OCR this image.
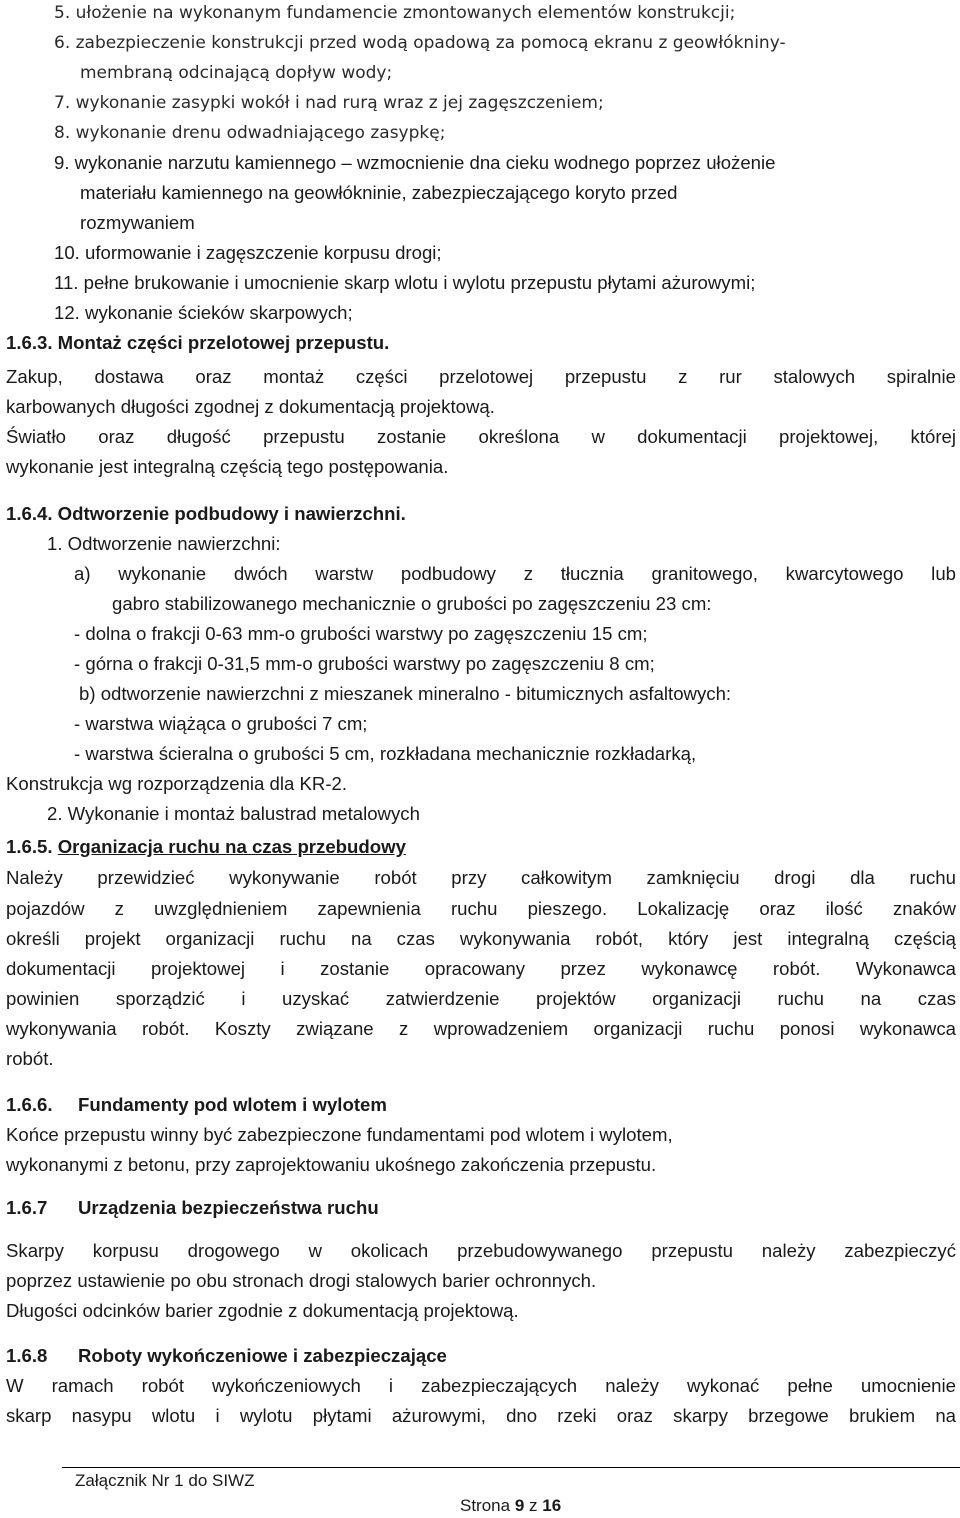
5. ułożenie na wykonanym fundamencie zmontowanych elementów konstrukcji;
6. zabezpieczenie konstrukcji przed wodą opadową za pomocą ekranu z geowłókniny-
membraną odcinającą dopływ wody;
7. wykonanie zasypki wokół i nad rurą wraz z jej zagęszczeniem;
8. wykonanie drenu odwadniającego zasypkę;
9. wykonanie narzutu kamiennego – wzmocnienie dna cieku wodnego poprzez ułożenie
materiału kamiennego na geowłókninie, zabezpieczającego koryto przed
rozmywaniem
10. uformowanie i zagęszczenie korpusu drogi;
11. pełne brukowanie i umocnienie skarp wlotu i wylotu przepustu płytami ażurowymi;
12. wykonanie ścieków skarpowych;
1.6.3. Montaż części przelotowej przepustu.
Zakup, dostawa oraz montaż części przelotowej przepustu z rur stalowych spiralnie
karbowanych długości zgodnej z dokumentacją projektową.
Światło oraz długość przepustu zostanie określona w dokumentacji projektowej, której
wykonanie jest integralną częścią tego postępowania.
1.6.4. Odtworzenie podbudowy i nawierzchni.
1. Odtworzenie nawierzchni:
a) wykonanie dwóch warstw podbudowy z tłucznia granitowego, kwarcytowego lub
gabro stabilizowanego mechanicznie o grubości po zagęszczeniu 23 cm:
- dolna o frakcji 0-63 mm-o grubości warstwy po zagęszczeniu 15 cm;
- górna o frakcji 0-31,5 mm-o grubości warstwy po zagęszczeniu 8 cm;
b) odtworzenie nawierzchni z mieszanek mineralno - bitumicznych asfaltowych:
- warstwa wiążąca o grubości 7 cm;
- warstwa ścieralna o grubości 5 cm, rozkładana mechanicznie rozkładarką,
Konstrukcja wg rozporządzenia dla KR-2.
2. Wykonanie i montaż balustrad metalowych
1.6.5. Organizacja ruchu na czas przebudowy
Należy przewidzieć wykonywanie robót przy całkowitym zamknięciu drogi dla ruchu
pojazdów z uwzględnieniem zapewnienia ruchu pieszego. Lokalizację oraz ilość znaków
określi projekt organizacji ruchu na czas wykonywania robót, który jest integralną częścią
dokumentacji projektowej i zostanie opracowany przez wykonawcę robót. Wykonawca
powinien sporządzić i uzyskać zatwierdzenie projektów organizacji ruchu na czas
wykonywania robót. Koszty związane z wprowadzeniem organizacji ruchu ponosi wykonawca
robót.
1.6.6. Fundamenty pod wlotem i wylotem
Końce przepustu winny być zabezpieczone fundamentami pod wlotem i wylotem,
wykonanymi z betonu, przy zaprojektowaniu ukośnego zakończenia przepustu.
1.6.7 Urządzenia bezpieczeństwa ruchu
Skarpy korpusu drogowego w okolicach przebudowywanego przepustu należy zabezpieczyć
poprzez ustawienie po obu stronach drogi stalowych barier ochronnych.
Długości odcinków barier zgodnie z dokumentacją projektową.
1.6.8 Roboty wykończeniowe i zabezpieczające
W ramach robót wykończeniowych i zabezpieczających należy wykonać pełne umocnienie
skarp nasypu wlotu i wylotu płytami ażurowymi, dno rzeki oraz skarpy brzegowe brukiem na
Załącznik Nr 1 do SIWZ
Strona 9 z 16
